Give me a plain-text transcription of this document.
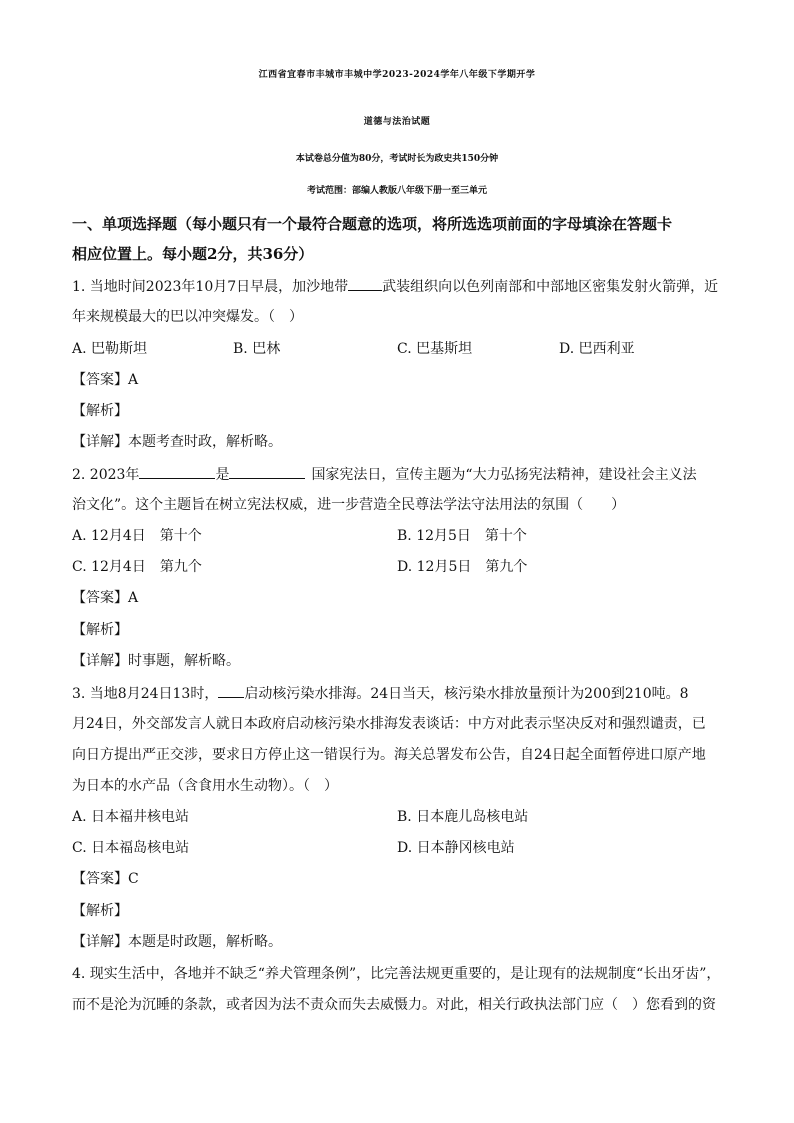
江西省宜春市丰城市丰城中学2023-2024学年八年级下学期开学
道德与法治试题
本试卷总分值为80分，考试时长为政史共150分钟
考试范围：部编人教版八年级下册一至三单元
一、单项选择题（每小题只有一个最符合题意的选项，将所选选项前面的字母填涂在答题卡
相应位置上。每小题2分，共36分）
1. 当地时间2023年10月7日早晨，加沙地带 武装组织向以色列南部和中部地区密集发射火箭弹，近
年来规模最大的巴以冲突爆发。（　）
A. 巴勒斯坦	B. 巴林	C. 巴基斯坦	D. 巴西利亚
【答案】A
【解析】
【详解】本题考查时政，解析略。
2. 2023年	是	国家宪法日，宣传主题为“大力弘扬宪法精神，建设社会主义法
治文化”。这个主题旨在树立宪法权威，进一步营造全民尊法学法守法用法的氛围（　　）
A. 12月4日　第十个	B. 12月5日　第十个
C. 12月4日　第九个	D. 12月5日　第九个
【答案】A
【解析】
【详解】时事题，解析略。
3. 当地8月24日13时， 启动核污染水排海。24日当天，核污染水排放量预计为200到210吨。8
月24日，外交部发言人就日本政府启动核污染水排海发表谈话：中方对此表示坚决反对和强烈谴责，已
向日方提出严正交涉，要求日方停止这一错误行为。海关总署发布公告，自24日起全面暂停进口原产地
为日本的水产品（含食用水生动物）。（　）
A. 日本福井核电站	B. 日本鹿儿岛核电站
C. 日本福岛核电站	D. 日本静冈核电站
【答案】C
【解析】
【详解】本题是时政题，解析略。
4. 现实生活中，各地并不缺乏“养犬管理条例”，比完善法规更重要的，是让现有的法规制度“长出牙齿”，
而不是沦为沉睡的条款，或者因为法不责众而失去威慑力。对此，相关行政执法部门应（　）您看到的资
